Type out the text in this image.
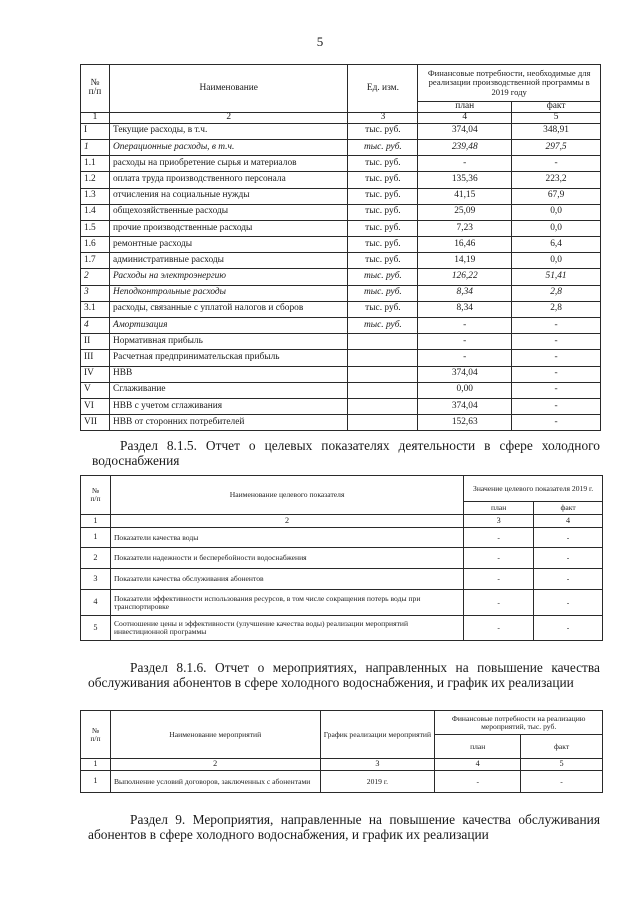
5
№
п/п	Наименование	Ед. изм.	Финансовые потребности, необходимые для реализации производственной программы в 2019 году	
			план	факт
1	2	3	4	5
I	Текущие расходы, в т.ч.	тыс. руб.	374,04	348,91
1	Операционные расходы, в т.ч.	тыс. руб.	239,48	297,5
1.1	расходы на приобретение сырья и материалов	тыс. руб.	-	-
1.2	оплата труда производственного персонала	тыс. руб.	135,36	223,2
1.3	отчисления на социальные нужды	тыс. руб.	41,15	67,9
1.4	общехозяйственные расходы	тыс. руб.	25,09	0,0
1.5	прочие производственные расходы	тыс. руб.	7,23	0,0
1.6	ремонтные расходы	тыс. руб.	16,46	6,4
1.7	административные расходы	тыс. руб.	14,19	0,0
2	Расходы на электроэнергию	тыс. руб.	126,22	51,41
3	Неподконтрольные расходы	тыс. руб.	8,34	2,8
3.1	расходы, связанные с уплатой налогов и сборов	тыс. руб.	8,34	2,8
4	Амортизация	тыс. руб.	-	-
II	Нормативная прибыль		-	-
III	Расчетная предпринимательская прибыль		-	-
IV	НВВ		374,04	-
V	Сглаживание		0,00	-
VI	НВВ с учетом сглаживания		374,04	-
VII	НВВ от сторонних потребителей		152,63	-
Раздел 8.1.5. Отчет о целевых показателях деятельности в сфере холодного водоснабжения
№
п/п	Наименование целевого показателя	Значение целевого показателя 2019 г.	
		план	факт
1	2	3	4
1	Показатели качества воды	-	-
2	Показатели надежности и бесперебойности водоснабжения	-	-
3	Показатели качества обслуживания абонентов	-	-
4	Показатели эффективности использования ресурсов, в том числе сокращения потерь воды при транспортировке	-	-
5	Соотношение цены и эффективности (улучшение качества воды) реализации мероприятий инвестиционной программы	-	-
Раздел 8.1.6. Отчет о мероприятиях, направленных на повышение качества обслуживания абонентов в сфере холодного водоснабжения, и график их реализации
№
п/п	Наименование мероприятий	График реализации мероприятий	Финансовые потребности на реализацию мероприятий, тыс. руб.	
			план	факт
1	2	3	4	5
1	Выполнение условий договоров, заключенных с абонентами	2019 г.	-	-
Раздел 9. Мероприятия, направленные на повышение качества обслуживания абонентов в сфере холодного водоснабжения, и график их реализации
